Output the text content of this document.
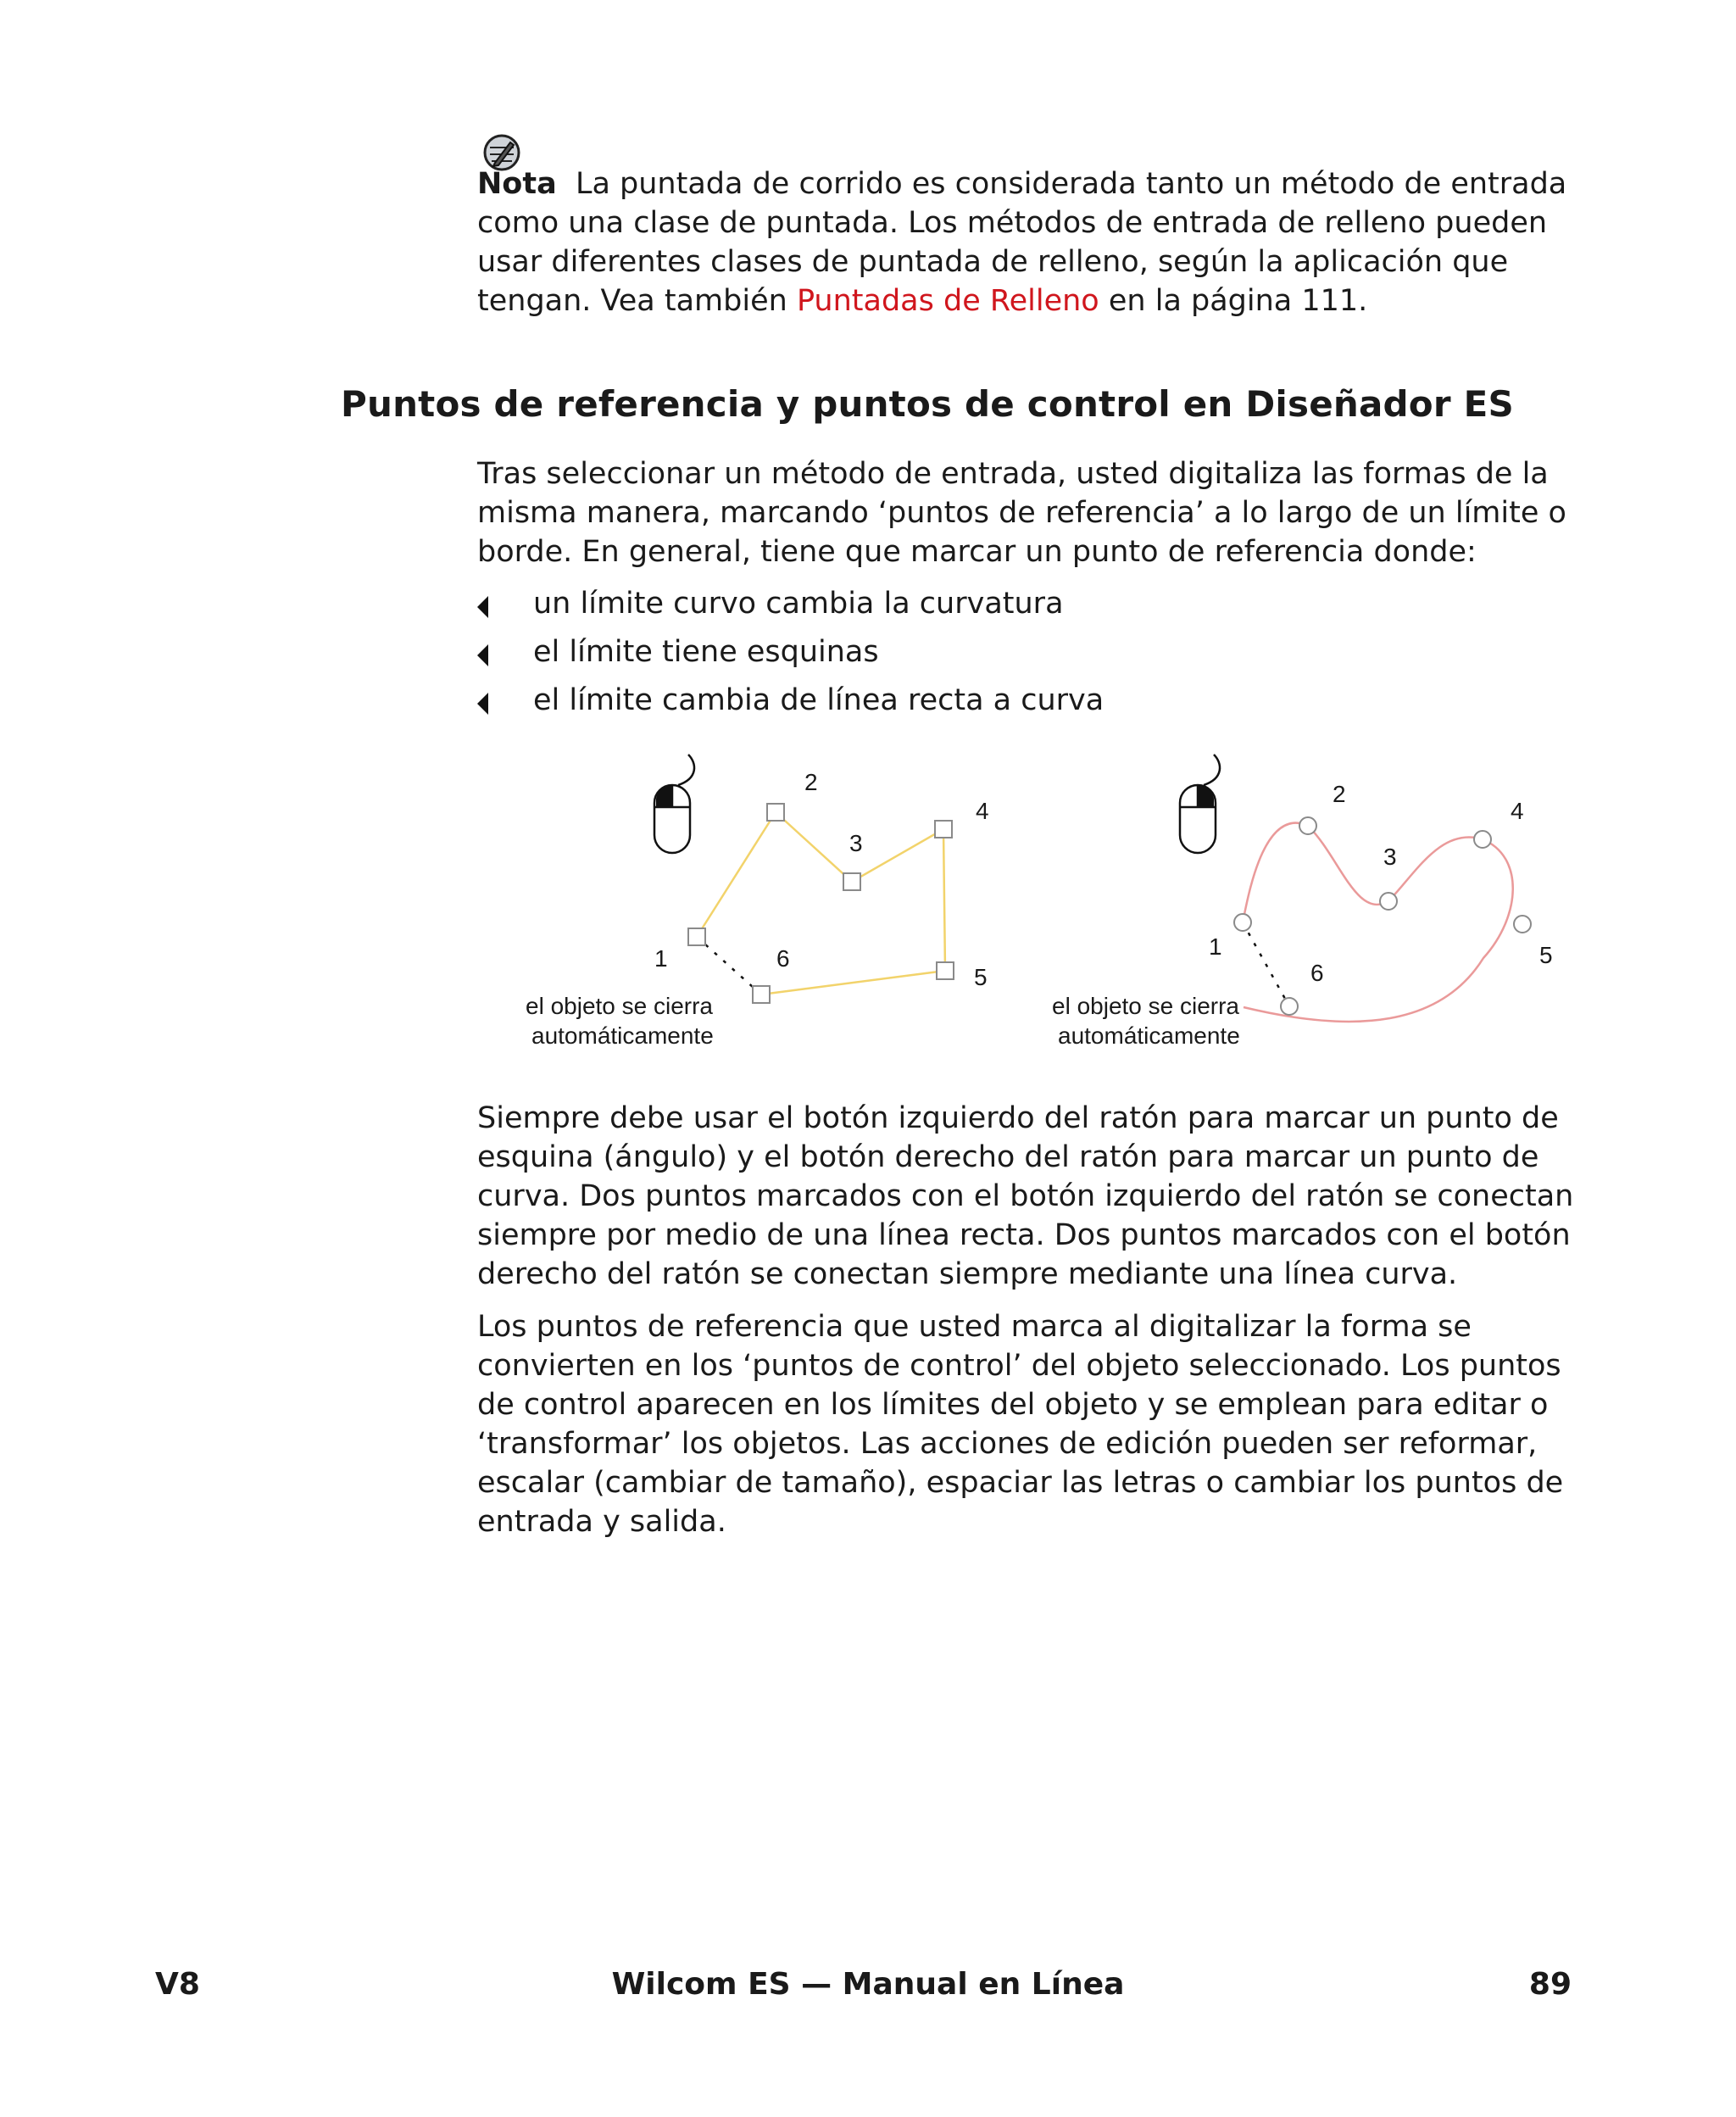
Nota La puntada de corrido es considerada tanto un método de entrada como una clase de puntada. Los métodos de entrada de relleno pueden usar diferentes clases de puntada de relleno, según la aplicación que tengan. Vea también Puntadas de Relleno en la página 111.

Puntos de referencia y puntos de control en Diseñador ES

Tras seleccionar un método de entrada, usted digitaliza las formas de la misma manera, marcando ‘puntos de referencia’ a lo largo de un límite o borde. En general, tiene que marcar un punto de referencia donde:

un límite curvo cambia la curvatura
el límite tiene esquinas
el límite cambia de línea recta a curva
1
2
3
4
5
6
el objeto se cierra
automáticamente
1
2
3
4
5
6
el objeto se cierra
automáticamente

Siempre debe usar el botón izquierdo del ratón para marcar un punto de esquina (ángulo) y el botón derecho del ratón para marcar un punto de curva. Dos puntos marcados con el botón izquierdo del ratón se conectan siempre por medio de una línea recta. Dos puntos marcados con el botón derecho del ratón se conectan siempre mediante una línea curva.

Los puntos de referencia que usted marca al digitalizar la forma se convierten en los ‘puntos de control’ del objeto seleccionado. Los puntos de control aparecen en los límites del objeto y se emplean para editar o ‘transformar’ los objetos. Las acciones de edición pueden ser reformar, escalar (cambiar de tamaño), espaciar las letras o cambiar los puntos de entrada y salida.

V8	Wilcom ES — Manual en Línea	89
